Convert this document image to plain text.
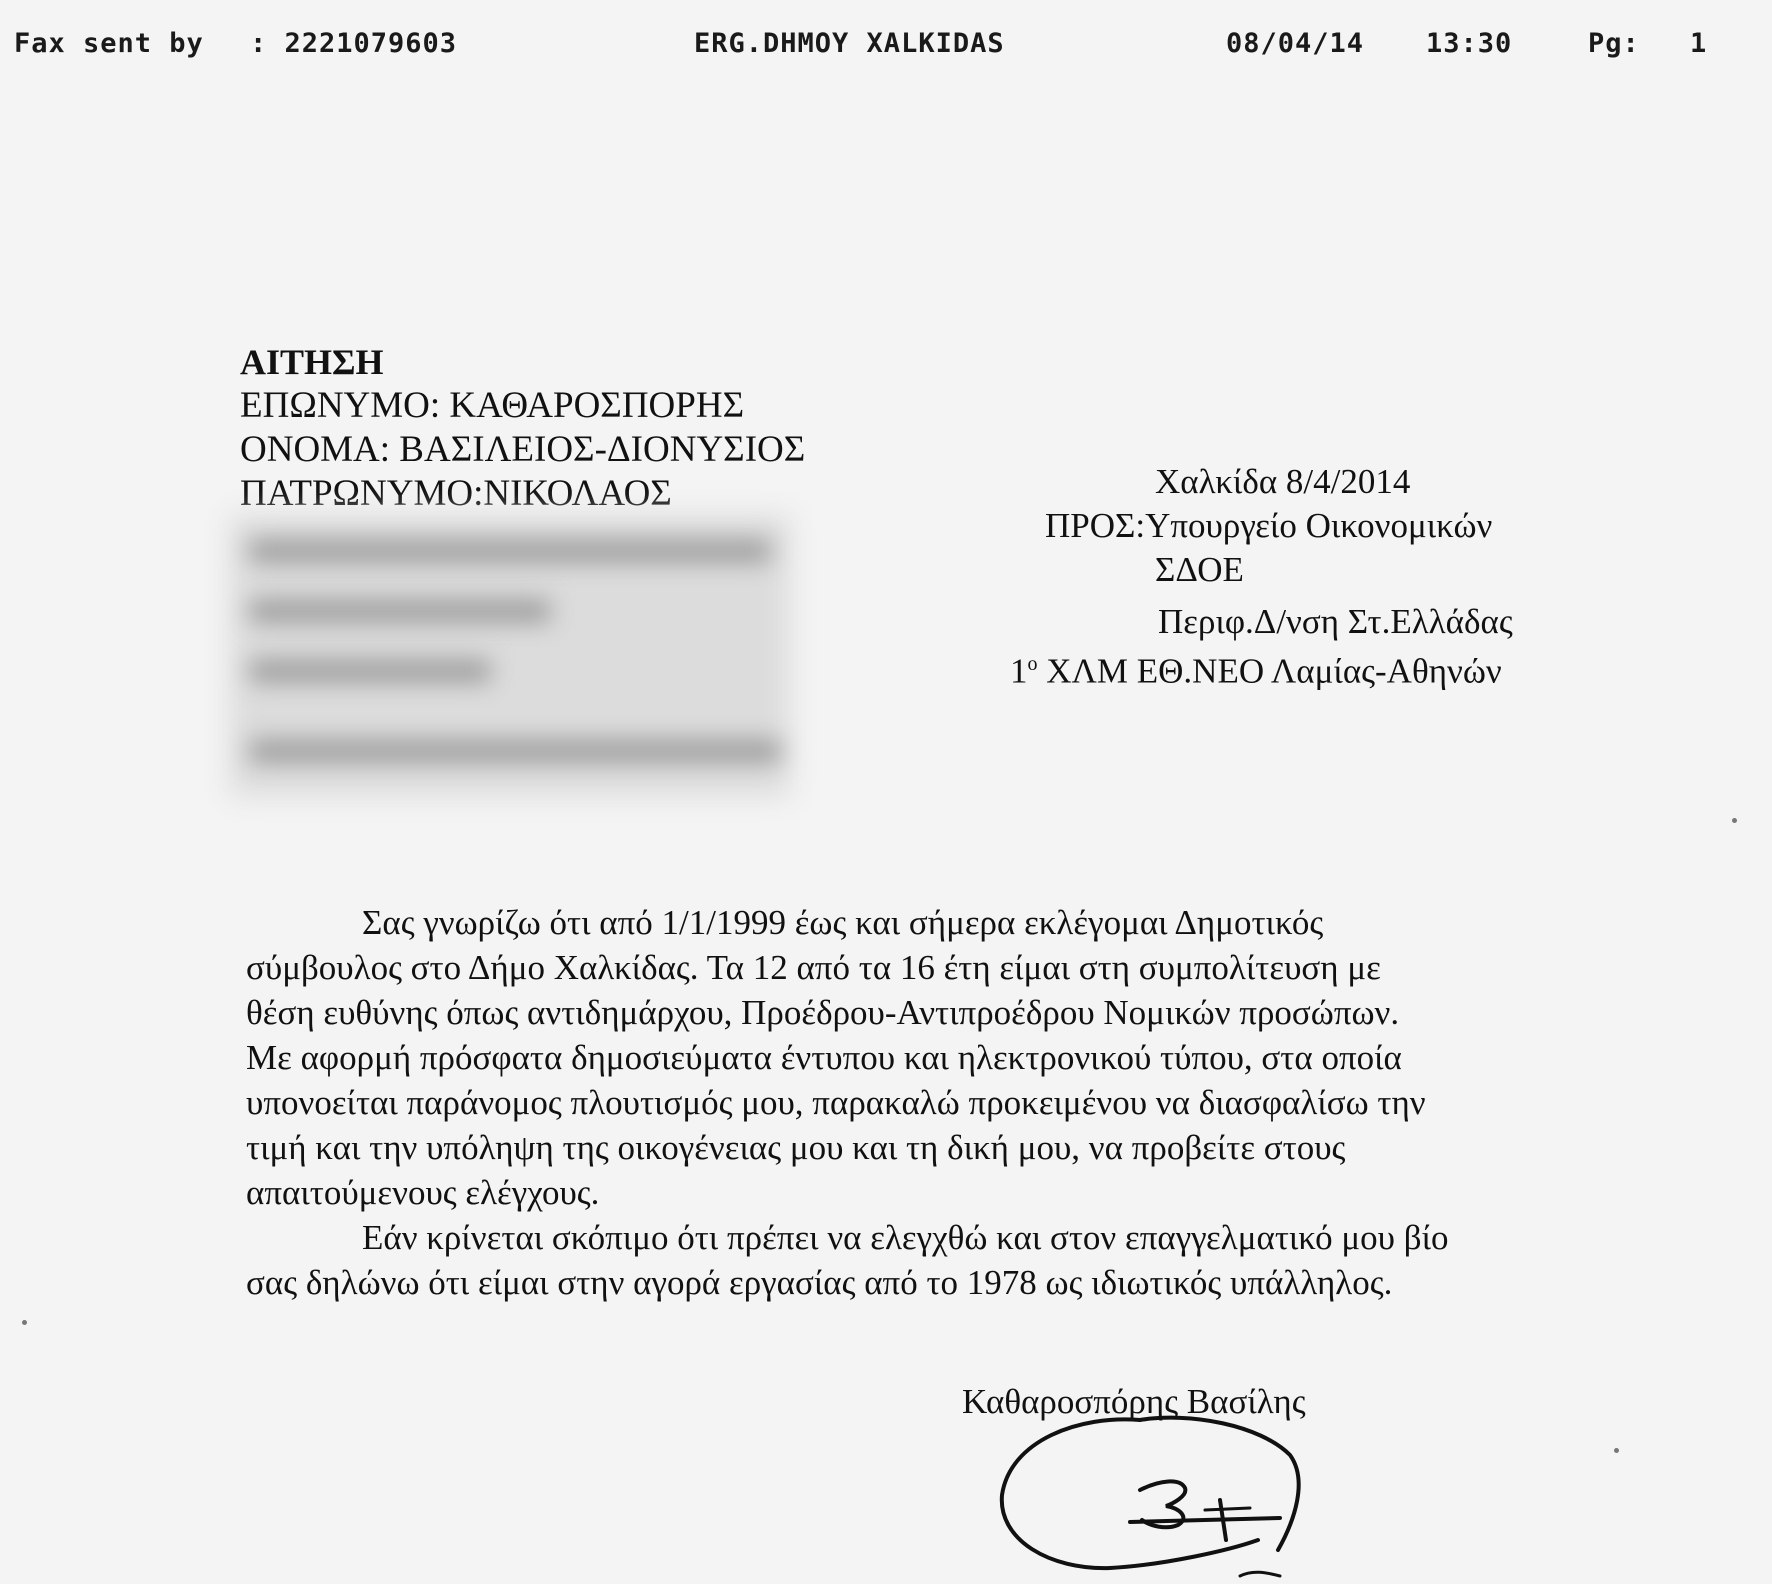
Fax sent by : 2221079603	ERG.DHMOY XALKIDAS	08/04/14 13:30	Pg: 1
ΑΙΤΗΣΗ
ΕΠΩΝΥΜΟ: ΚΑΘΑΡΟΣΠΟΡΗΣ
ΟΝΟΜΑ: ΒΑΣΙΛΕΙΟΣ-ΔΙΟΝΥΣΙΟΣ
ΠΑΤΡΩΝΥΜΟ:ΝΙΚΟΛΑΟΣ	Χαλκίδα 8/4/2014
ΠΡΟΣ:Υπουργείο Οικονομικών
ΣΔΟΕ
Περιφ.Δ/νση Στ.Ελλάδας
$1^o$ ΧΛΜ ΕΘ.ΝΕΟ Λαμίας-Αθηνών
Σας γνωρίζω ότι από 1/1/1999 έως και σήμερα εκλέγομαι Δημοτικός
σύμβουλος στο Δήμο Χαλκίδας. Τα 12 από τα 16 έτη είμαι στη συμπολίτευση με
θέση ευθύνης όπως αντιδημάρχου, Προέδρου-Αντιπροέδρου Νομικών προσώπων.
Με αφορμή πρόσφατα δημοσιεύματα έντυπου και ηλεκτρονικού τύπου, στα οποία
υπονοείται παράνομος πλουτισμός μου, παρακαλώ προκειμένου να διασφαλίσω την
τιμή και την υπόληψη της οικογένειας μου και τη δική μου, να προβείτε στους
απαιτούμενους ελέγχους.
Εάν κρίνεται σκόπιμο ότι πρέπει να ελεγχθώ και στον επαγγελματικό μου βίο
σας δηλώνω ότι είμαι στην αγορά εργασίας από το 1978 ως ιδιωτικός υπάλληλος.
Καθαροσπόρης Βασίλης
